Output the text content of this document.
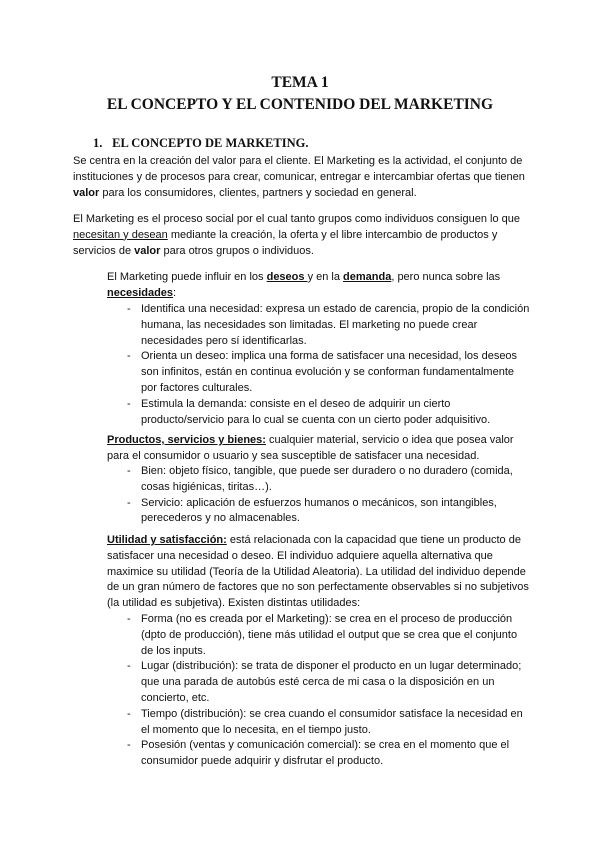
TEMA 1
EL CONCEPTO Y EL CONTENIDO DEL MARKETING
1. EL CONCEPTO DE MARKETING.

Se centra en la creación del valor para el cliente. El Marketing es la actividad, el conjunto de instituciones y de procesos para crear, comunicar, entregar e intercambiar ofertas que tienen valor para los consumidores, clientes, partners y sociedad en general.

El Marketing es el proceso social por el cual tanto grupos como individuos consiguen lo que necesitan y desean mediante la creación, la oferta y el libre intercambio de productos y servicios de valor para otros grupos o individuos.

El Marketing puede influir en los deseos y en la demanda, pero nunca sobre las necesidades:

- Identifica una necesidad: expresa un estado de carencia, propio de la condición humana, las necesidades son limitadas. El marketing no puede crear necesidades pero sí identificarlas.
- Orienta un deseo: implica una forma de satisfacer una necesidad, los deseos son infinitos, están en continua evolución y se conforman fundamentalmente por factores culturales.
- Estimula la demanda: consiste en el deseo de adquirir un cierto producto/servicio para lo cual se cuenta con un cierto poder adquisitivo.

Productos, servicios y bienes: cualquier material, servicio o idea que posea valor para el consumidor o usuario y sea susceptible de satisfacer una necesidad.

- Bien: objeto físico, tangible, que puede ser duradero o no duradero (comida, cosas higiénicas, tiritas…).
- Servicio: aplicación de esfuerzos humanos o mecánicos, son intangibles, perecederos y no almacenables.

Utilidad y satisfacción: está relacionada con la capacidad que tiene un producto de satisfacer una necesidad o deseo. El individuo adquiere aquella alternativa que maximice su utilidad (Teoría de la Utilidad Aleatoria). La utilidad del individuo depende de un gran número de factores que no son perfectamente observables si no subjetivos (la utilidad es subjetiva). Existen distintas utilidades:

- Forma (no es creada por el Marketing): se crea en el proceso de producción (dpto de producción), tiene más utilidad el output que se crea que el conjunto de los inputs.
- Lugar (distribución): se trata de disponer el producto en un lugar determinado; que una parada de autobús esté cerca de mi casa o la disposición en un concierto, etc.
- Tiempo (distribución): se crea cuando el consumidor satisface la necesidad en el momento que lo necesita, en el tiempo justo.
- Posesión (ventas y comunicación comercial): se crea en el momento que el consumidor puede adquirir y disfrutar el producto.
